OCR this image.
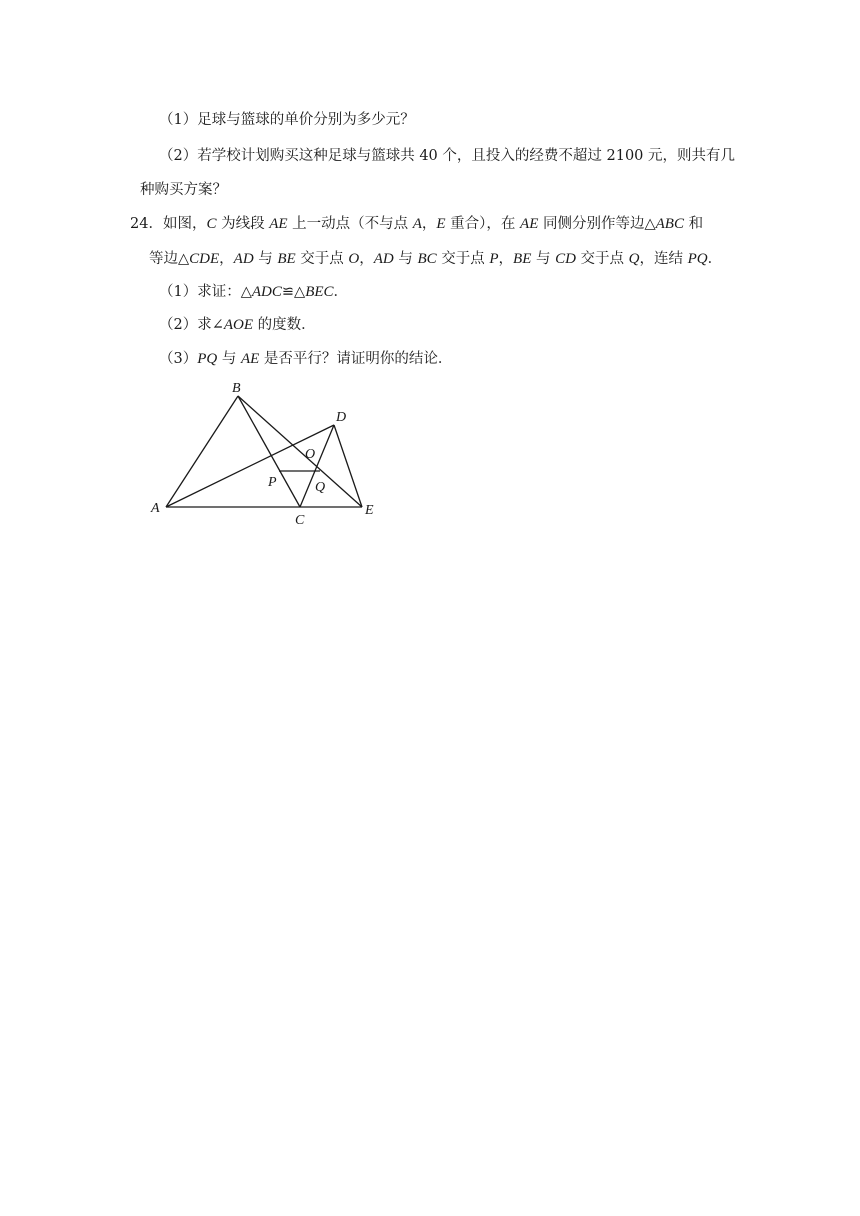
（1）足球与篮球的单价分别为多少元？
（2）若学校计划购买这种足球与篮球共 40 个，且投入的经费不超过 2100 元，则共有几
种购买方案？
24．如图，C 为线段 AE 上一动点（不与点 A，E 重合），在 AE 同侧分别作等边△ABC 和
等边△CDE，AD 与 BE 交于点 O，AD 与 BC 交于点 P，BE 与 CD 交于点 Q，连结 PQ．
（1）求证：△ADC≌△BEC．
（2）求∠AOE 的度数．
（3）PQ 与 AE 是否平行？请证明你的结论．
B
D
O
P	Q
A
C
E
